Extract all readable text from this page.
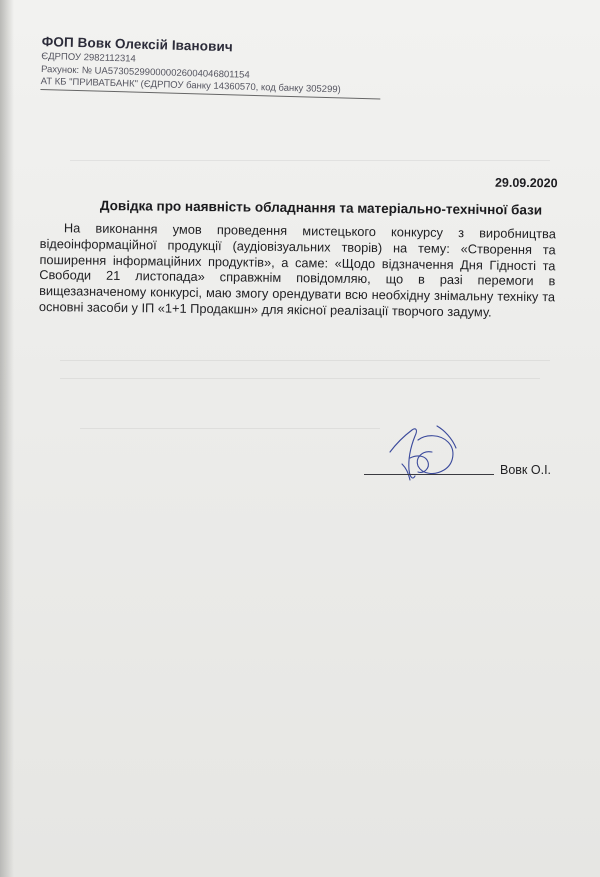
ФОП Вовк Олексій Іванович
ЄДРПОУ 2982112314
Рахунок: № UA573052990000026004046801154
АТ КБ "ПРИВАТБАНК" (ЄДРПОУ банку 14360570, код банку 305299)
29.09.2020
Довідка про наявність обладнання та матеріально-технічної бази
На виконання умов проведення мистецького конкурсу з виробництва відеоінформаційної продукції (аудіовізуальних творів) на тему: «Створення та поширення інформаційних продуктів», а саме: «Щодо відзначення Дня Гідності та Свободи 21 листопада» справжнім повідомляю, що в разі перемоги в вищезазначеному конкурсі, маю змогу орендувати всю необхідну знімальну техніку та основні засоби у ІП «1+1 Продакшн» для якісної реалізації творчого задуму.
Вовк О.І.
